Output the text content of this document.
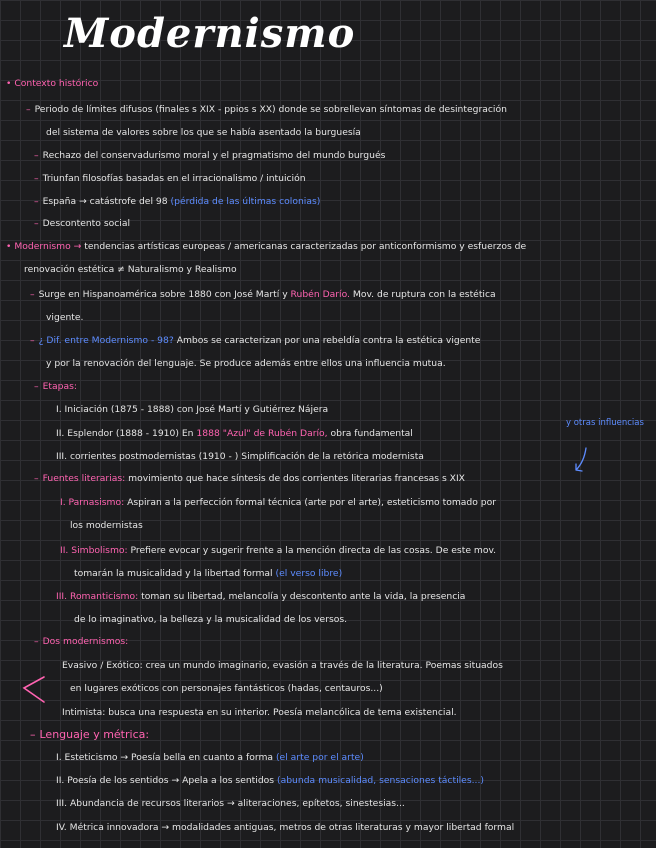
Modernismo
• Contexto histórico
– Periodo de límites difusos (finales s XIX - ppios s XX) donde se sobrellevan síntomas de desintegración
del sistema de valores sobre los que se había asentado la burguesía
– Rechazo del conservadurismo moral y el pragmatismo del mundo burgués
– Triunfan filosofías basadas en el irracionalismo / intuición
– España → catástrofe del 98 (pérdida de las últimas colonias)
– Descontento social
• Modernismo → tendencias artísticas europeas / americanas caracterizadas por anticonformismo y esfuerzos de
renovación estética ≠ Naturalismo y Realismo
– Surge en Hispanoamérica sobre 1880 con José Martí y Rubén Darío. Mov. de ruptura con la estética
vigente.
– ¿ Dif. entre Modernismo - 98? Ambos se caracterizan por una rebeldía contra la estética vigente
y por la renovación del lenguaje. Se produce además entre ellos una influencia mutua.
– Etapas:
I. Iniciación (1875 - 1888) con José Martí y Gutiérrez Nájera
II. Esplendor (1888 - 1910) En 1888 "Azul" de Rubén Darío, obra fundamental
III. corrientes postmodernistas (1910 - ) Simplificación de la retórica modernista
y otras influencias
– Fuentes literarias: movimiento que hace síntesis de dos corrientes literarias francesas s XIX
I. Parnasismo: Aspiran a la perfección formal técnica (arte por el arte), esteticismo tomado por
los modernistas
II. Simbolismo: Prefiere evocar y sugerir frente a la mención directa de las cosas. De este mov.
tomarán la musicalidad y la libertad formal (el verso libre)
III. Romanticismo: toman su libertad, melancolía y descontento ante la vida, la presencia
de lo imaginativo, la belleza y la musicalidad de los versos.
– Dos modernismos:
Evasivo / Exótico: crea un mundo imaginario, evasión a través de la literatura. Poemas situados
en lugares exóticos con personajes fantásticos (hadas, centauros...)
Intimista: busca una respuesta en su interior. Poesía melancólica de tema existencial.
– Lenguaje y métrica:
I. Esteticismo → Poesía bella en cuanto a forma (el arte por el arte)
II. Poesía de los sentidos → Apela a los sentidos (abunda musicalidad, sensaciones táctiles...)
III. Abundancia de recursos literarios → aliteraciones, epítetos, sinestesias...
IV. Métrica innovadora → modalidades antiguas, metros de otras literaturas y mayor libertad formal
